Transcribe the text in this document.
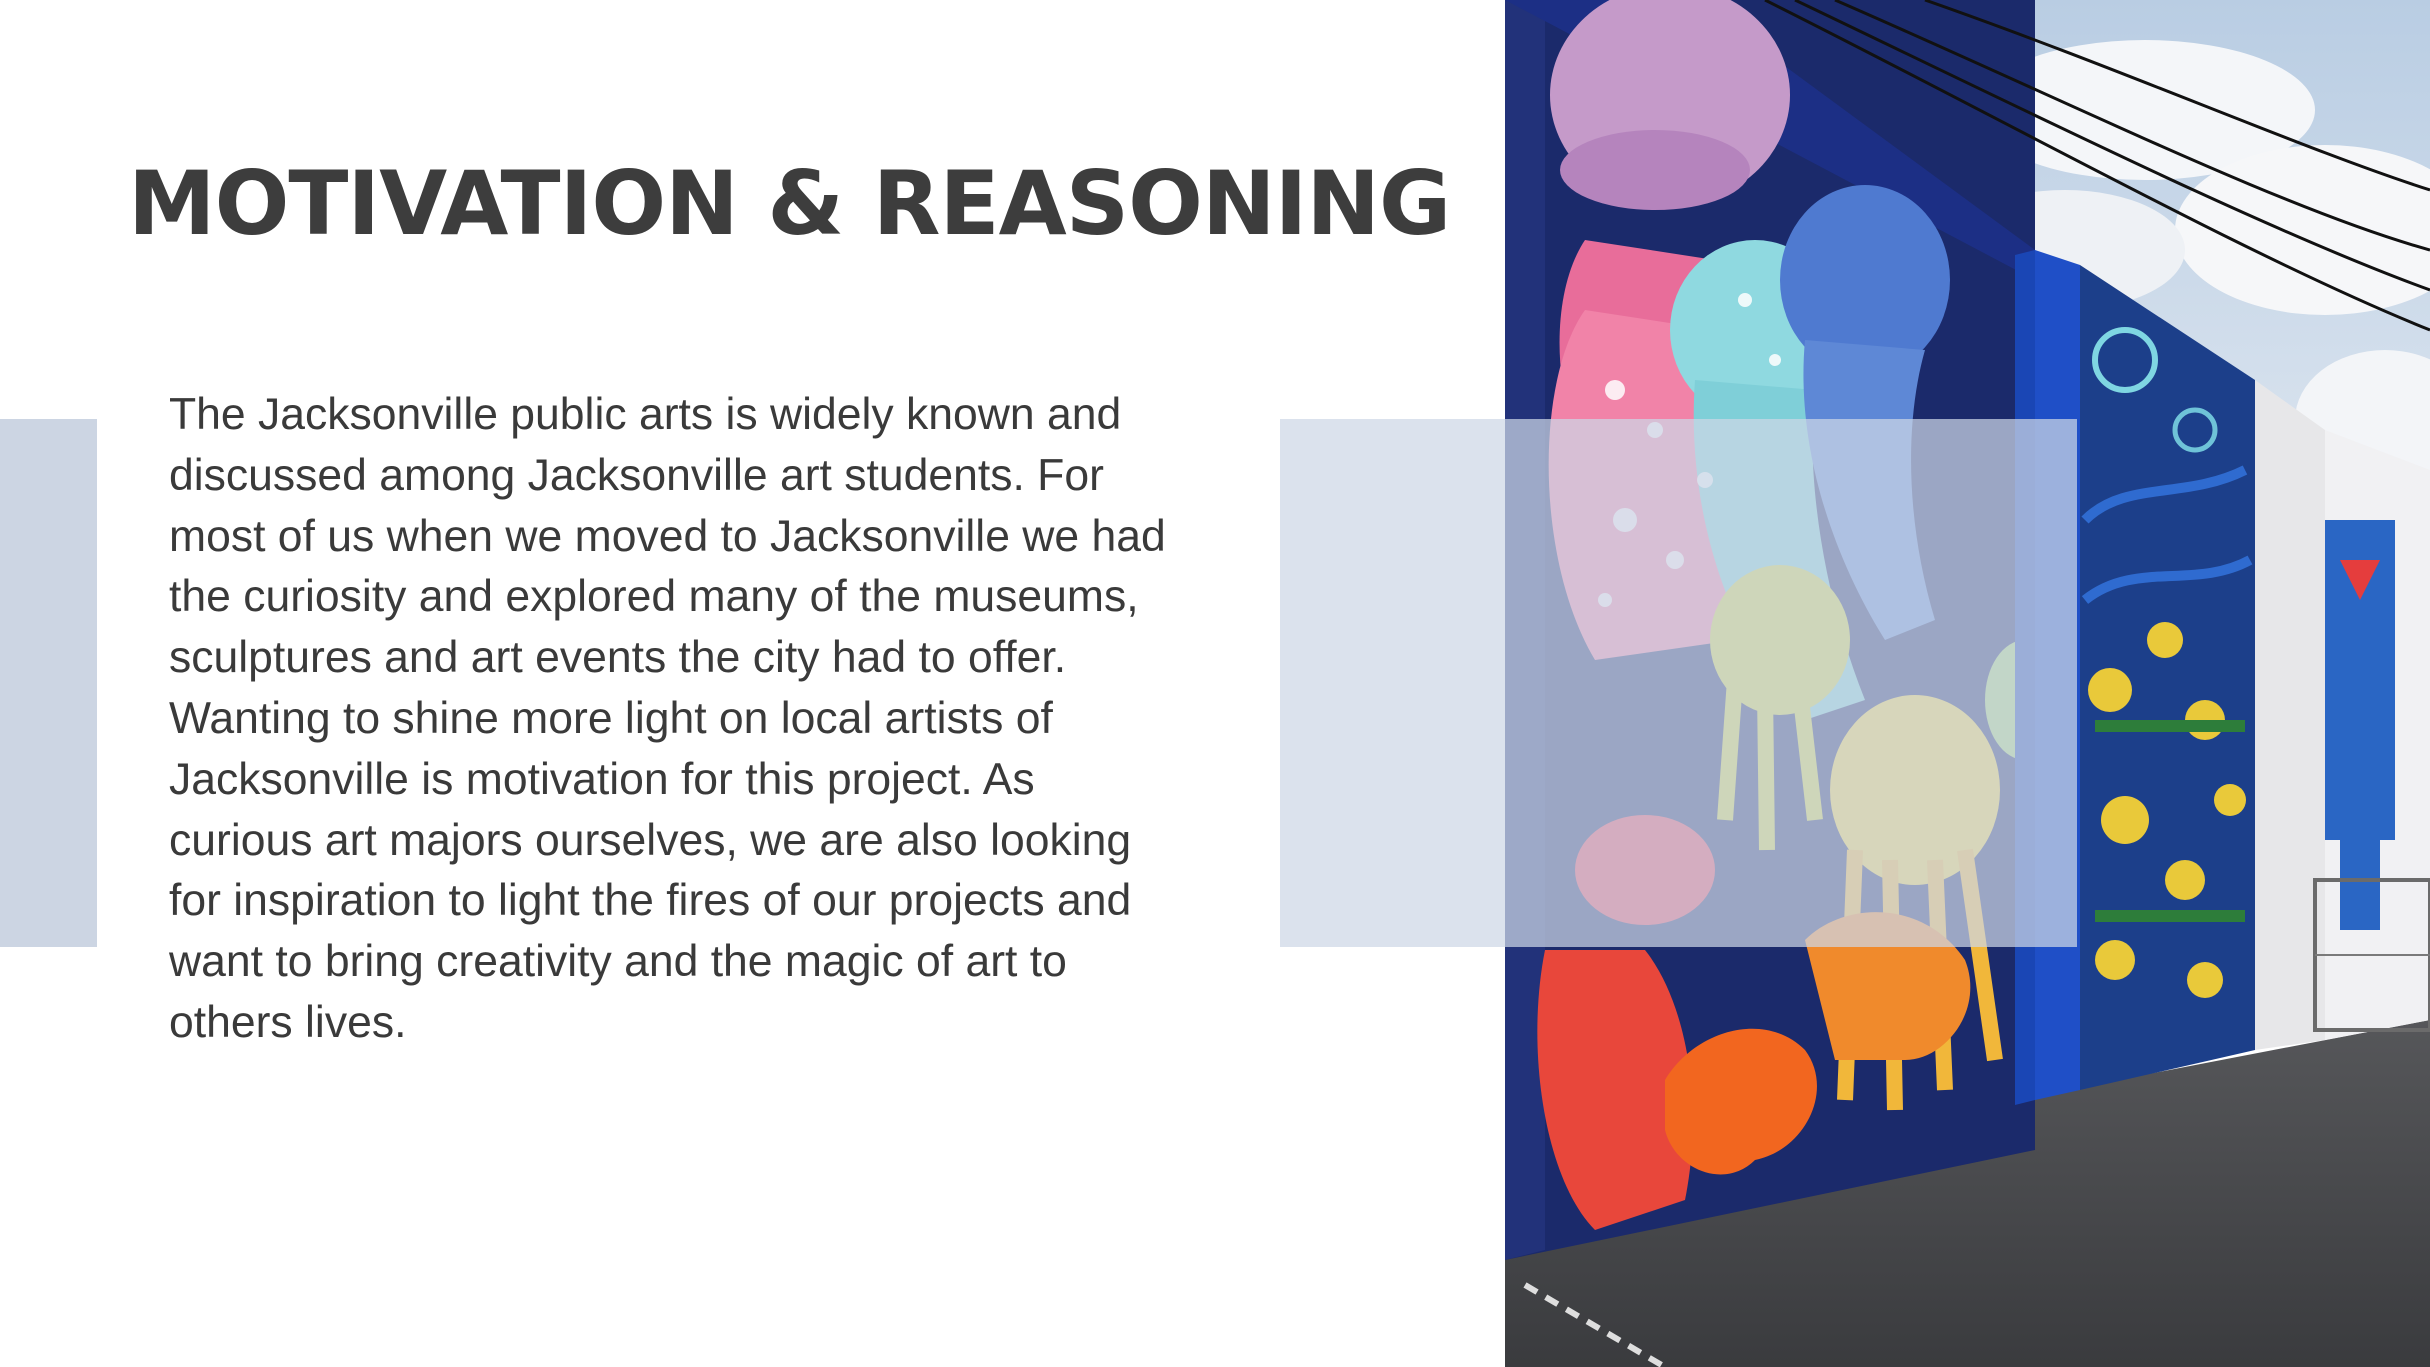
MOTIVATION & REASONING
The Jacksonville public arts is widely known and
discussed among Jacksonville art students. For
most of us when we moved to Jacksonville we had
the curiosity and explored many of the museums,
sculptures and art events the city had to offer.
Wanting to shine more light on local artists of
Jacksonville is motivation for this project. As
curious art majors ourselves, we are also looking
for inspiration to light the fires of our projects and
want to bring creativity and the magic of art to
others lives.
